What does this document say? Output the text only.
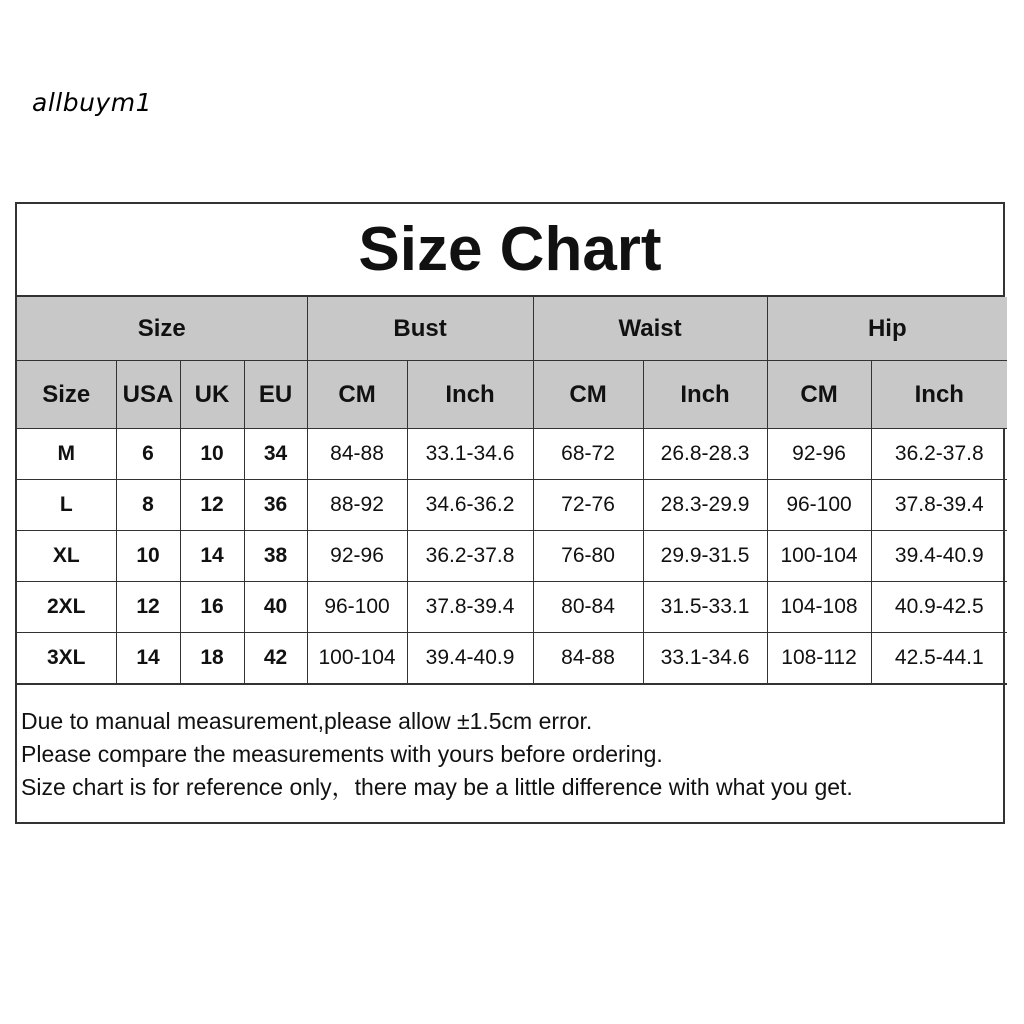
allbuym1
Size Chart
Size				Bust		Waist		Hip	
Size	USA	UK	EU	CM	Inch	CM	Inch	CM	Inch
M	6	10	34	84-88	33.1-34.6	68-72	26.8-28.3	92-96	36.2-37.8
L	8	12	36	88-92	34.6-36.2	72-76	28.3-29.9	96-100	37.8-39.4
XL	10	14	38	92-96	36.2-37.8	76-80	29.9-31.5	100-104	39.4-40.9
2XL	12	16	40	96-100	37.8-39.4	80-84	31.5-33.1	104-108	40.9-42.5
3XL	14	18	42	100-104	39.4-40.9	84-88	33.1-34.6	108-112	42.5-44.1
Due to manual measurement,please allow ±1.5cm error.
Please compare the measurements with yours before ordering.
Size chart is for reference only，there may be a little difference with what you get.
